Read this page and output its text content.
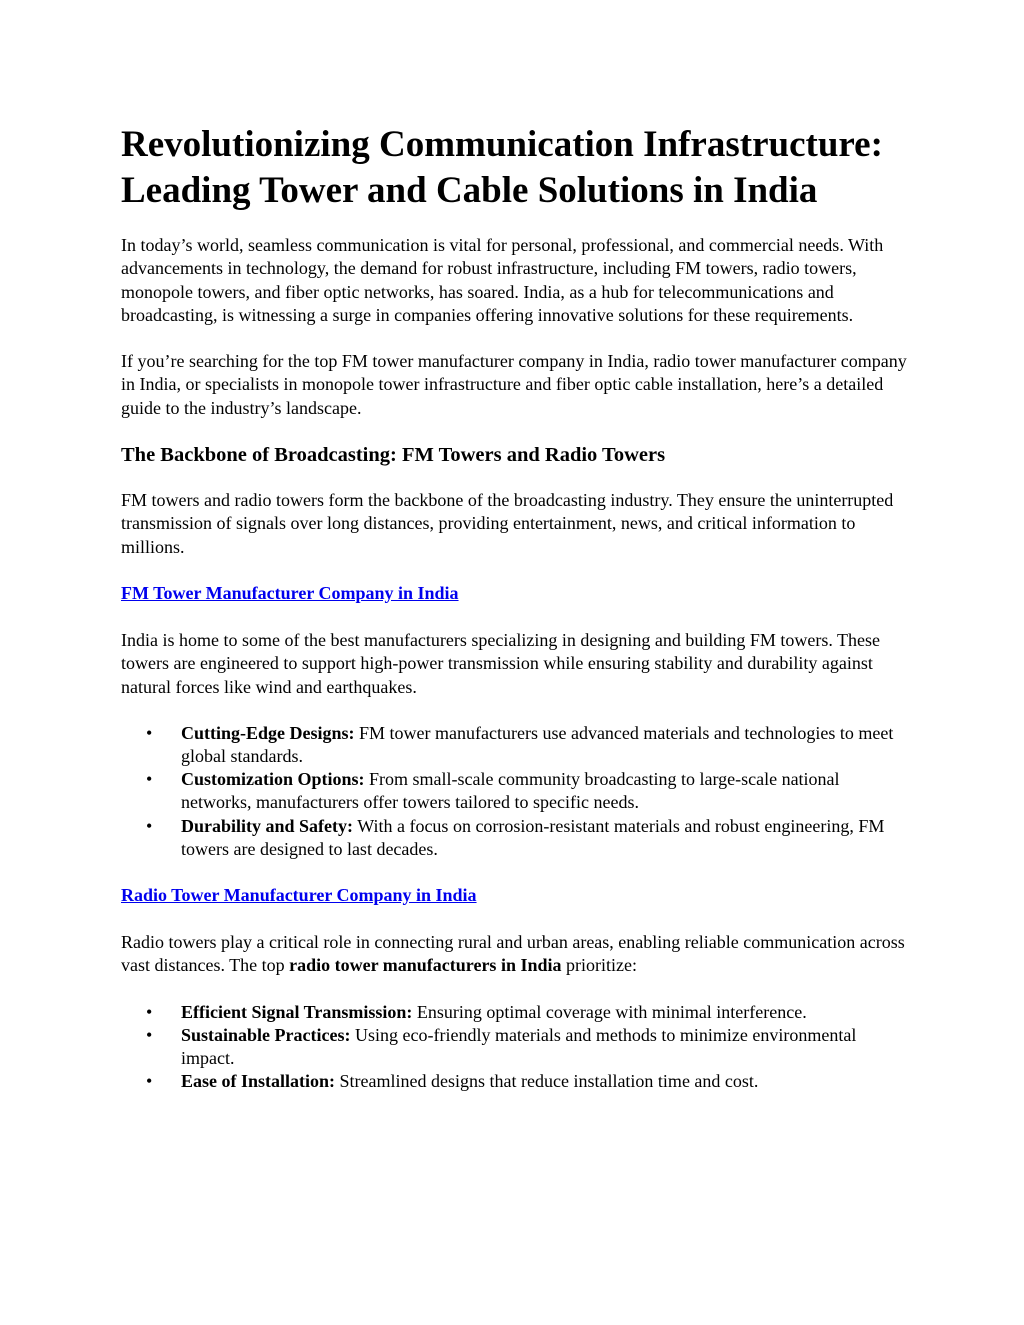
Revolutionizing Communication Infrastructure: Leading Tower and Cable Solutions in India

In today’s world, seamless communication is vital for personal, professional, and commercial needs. With advancements in technology, the demand for robust infrastructure, including FM towers, radio towers, monopole towers, and fiber optic networks, has soared. India, as a hub for telecommunications and broadcasting, is witnessing a surge in companies offering innovative solutions for these requirements.

If you’re searching for the top FM tower manufacturer company in India, radio tower manufacturer company in India, or specialists in monopole tower infrastructure and fiber optic cable installation, here’s a detailed guide to the industry’s landscape.

The Backbone of Broadcasting: FM Towers and Radio Towers

FM towers and radio towers form the backbone of the broadcasting industry. They ensure the uninterrupted transmission of signals over long distances, providing entertainment, news, and critical information to millions.

FM Tower Manufacturer Company in India

India is home to some of the best manufacturers specializing in designing and building FM towers. These towers are engineered to support high-power transmission while ensuring stability and durability against natural forces like wind and earthquakes.

• Cutting-Edge Designs: FM tower manufacturers use advanced materials and technologies to meet global standards.
• Customization Options: From small-scale community broadcasting to large-scale national networks, manufacturers offer towers tailored to specific needs.
• Durability and Safety: With a focus on corrosion-resistant materials and robust engineering, FM towers are designed to last decades.
Radio Tower Manufacturer Company in India

Radio towers play a critical role in connecting rural and urban areas, enabling reliable communication across vast distances. The top radio tower manufacturers in India prioritize:

• Efficient Signal Transmission: Ensuring optimal coverage with minimal interference.
• Sustainable Practices: Using eco-friendly materials and methods to minimize environmental impact.
• Ease of Installation: Streamlined designs that reduce installation time and cost.
